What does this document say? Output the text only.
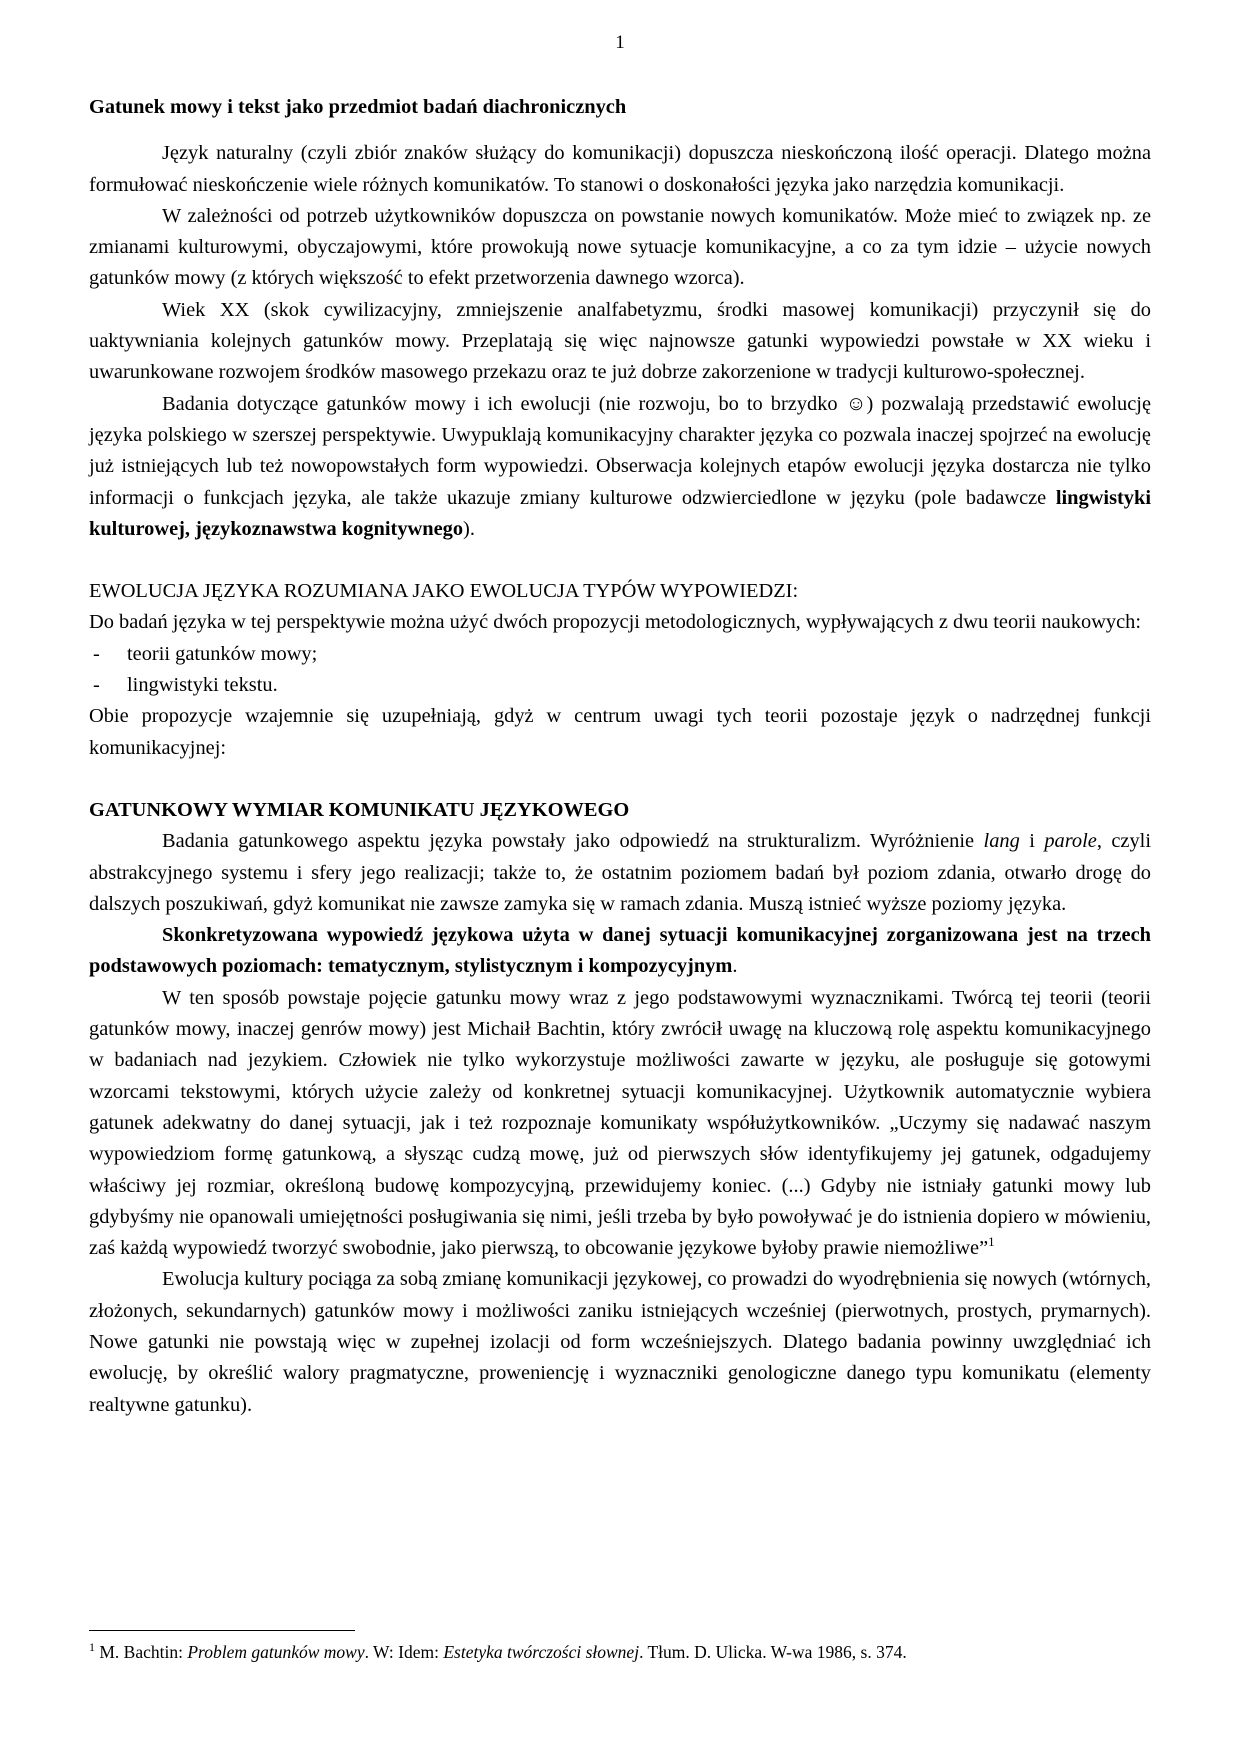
1

Gatunek mowy i tekst jako przedmiot badań diachronicznych

Język naturalny (czyli zbiór znaków służący do komunikacji) dopuszcza nieskończoną ilość operacji. Dlatego można formułować nieskończenie wiele różnych komunikatów. To stanowi o doskonałości języka jako narzędzia komunikacji.

W zależności od potrzeb użytkowników dopuszcza on powstanie nowych komunikatów. Może mieć to związek np. ze zmianami kulturowymi, obyczajowymi, które prowokują nowe sytuacje komunikacyjne, a co za tym idzie – użycie nowych gatunków mowy (z których większość to efekt przetworzenia dawnego wzorca).

Wiek XX (skok cywilizacyjny, zmniejszenie analfabetyzmu, środki masowej komunikacji) przyczynił się do uaktywniania kolejnych gatunków mowy. Przeplatają się więc najnowsze gatunki wypowiedzi powstałe w XX wieku i uwarunkowane rozwojem środków masowego przekazu oraz te już dobrze zakorzenione w tradycji kulturowo-społecznej.

Badania dotyczące gatunków mowy i ich ewolucji (nie rozwoju, bo to brzydko ☺) pozwalają przedstawić ewolucję języka polskiego w szerszej perspektywie. Uwypuklają komunikacyjny charakter języka co pozwala inaczej spojrzeć na ewolucję już istniejących lub też nowopowstałych form wypowiedzi. Obserwacja kolejnych etapów ewolucji języka dostarcza nie tylko informacji o funkcjach języka, ale także ukazuje zmiany kulturowe odzwierciedlone w języku (pole badawcze lingwistyki kulturowej, językoznawstwa kognitywnego).

EWOLUCJA JĘZYKA ROZUMIANA JAKO EWOLUCJA TYPÓW WYPOWIEDZI:

Do badań języka w tej perspektywie można użyć dwóch propozycji metodologicznych, wypływających z dwu teorii naukowych:

- teorii gatunków mowy;
- lingwistyki tekstu.

Obie propozycje wzajemnie się uzupełniają, gdyż w centrum uwagi tych teorii pozostaje język o nadrzędnej funkcji komunikacyjnej:

GATUNKOWY WYMIAR KOMUNIKATU JĘZYKOWEGO

Badania gatunkowego aspektu języka powstały jako odpowiedź na strukturalizm. Wyróżnienie lang i parole, czyli abstrakcyjnego systemu i sfery jego realizacji; także to, że ostatnim poziomem badań był poziom zdania, otwarło drogę do dalszych poszukiwań, gdyż komunikat nie zawsze zamyka się w ramach zdania. Muszą istnieć wyższe poziomy języka.

Skonkretyzowana wypowiedź językowa użyta w danej sytuacji komunikacyjnej zorganizowana jest na trzech podstawowych poziomach: tematycznym, stylistycznym i kompozycyjnym.

W ten sposób powstaje pojęcie gatunku mowy wraz z jego podstawowymi wyznacznikami. Twórcą tej teorii (teorii gatunków mowy, inaczej genrów mowy) jest Michaił Bachtin, który zwrócił uwagę na kluczową rolę aspektu komunikacyjnego w badaniach nad jezykiem. Człowiek nie tylko wykorzystuje możliwości zawarte w języku, ale posługuje się gotowymi wzorcami tekstowymi, których użycie zależy od konkretnej sytuacji komunikacyjnej. Użytkownik automatycznie wybiera gatunek adekwatny do danej sytuacji, jak i też rozpoznaje komunikaty współużytkowników. „Uczymy się nadawać naszym wypowiedziom formę gatunkową, a słysząc cudzą mowę, już od pierwszych słów identyfikujemy jej gatunek, odgadujemy właściwy jej rozmiar, określoną budowę kompozycyjną, przewidujemy koniec. (...) Gdyby nie istniały gatunki mowy lub gdybyśmy nie opanowali umiejętności posługiwania się nimi, jeśli trzeba by było powoływać je do istnienia dopiero w mówieniu, zaś każdą wypowiedź tworzyć swobodnie, jako pierwszą, to obcowanie językowe byłoby prawie niemożliwe”$^1$

Ewolucja kultury pociąga za sobą zmianę komunikacji językowej, co prowadzi do wyodrębnienia się nowych (wtórnych, złożonych, sekundarnych) gatunków mowy i możliwości zaniku istniejących wcześniej (pierwotnych, prostych, prymarnych). Nowe gatunki nie powstają więc w zupełnej izolacji od form wcześniejszych. Dlatego badania powinny uwzględniać ich ewolucję, by określić walory pragmatyczne, proweniencję i wyznaczniki genologiczne danego typu komunikatu (elementy realtywne gatunku).

$^1$ M. Bachtin: Problem gatunków mowy. W: Idem: Estetyka twórczości słownej. Tłum. D. Ulicka. W-wa 1986, s. 374.
